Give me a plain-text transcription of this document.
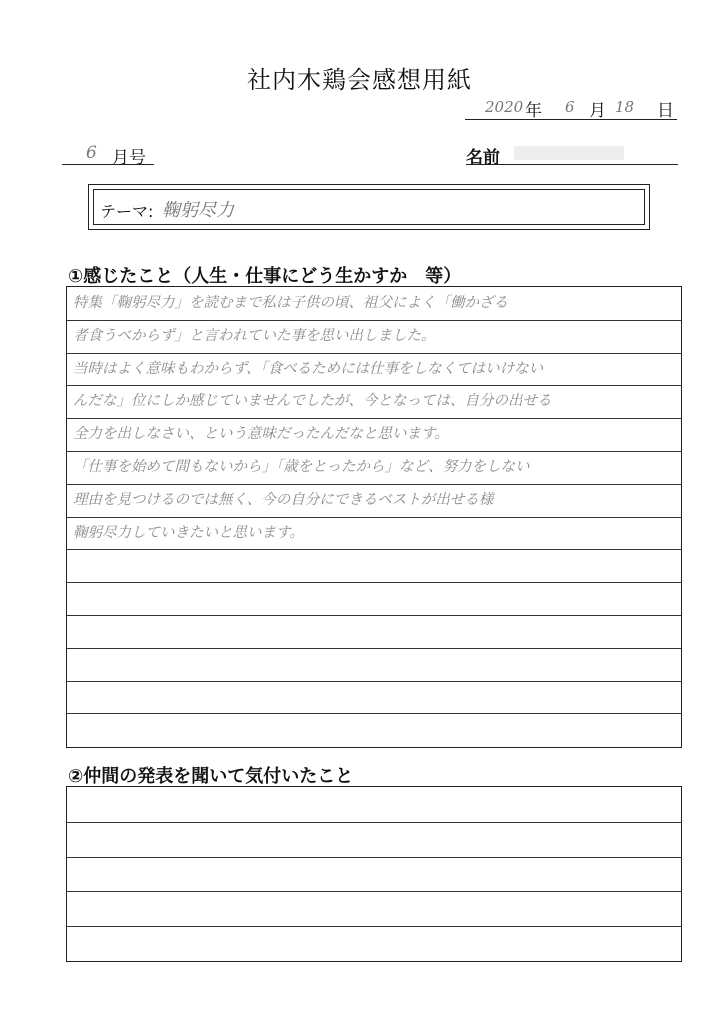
社内木鶏会感想用紙
2020 年 6 月 18 日
6 月号	名前
テーマ: 鞠躬尽力
①感じたこと（人生・仕事にどう生かすか　等）
特集「鞠躬尽力」を読むまで私は子供の頃、祖父によく「働かざる
者食うべからず」と言われていた事を思い出しました。
当時はよく意味もわからず、「食べるためには仕事をしなくてはいけない
んだな」位にしか感じていませんでしたが、今となっては、自分の出せる
全力を出しなさい、という意味だったんだなと思います。
「仕事を始めて間もないから」「歳をとったから」など、努力をしない
理由を見つけるのでは無く、今の自分にできるベストが出せる様
鞠躬尽力していきたいと思います。
②仲間の発表を聞いて気付いたこと
